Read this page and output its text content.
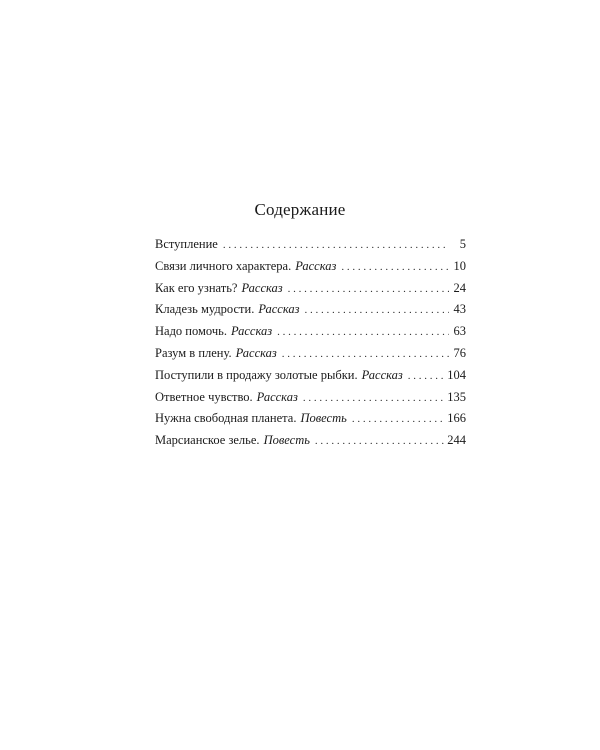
Содержание
Вступление . . .	5
Связи личного характера. Рассказ . . .	10
Как его узнать? Рассказ . . .	24
Кладезь мудрости. Рассказ . . .	43
Надо помочь. Рассказ . . .	63
Разум в плену. Рассказ . . .	76
Поступили в продажу золотые рыбки. Рассказ . . .	104
Ответное чувство. Рассказ . . .	135
Нужна свободная планета. Повесть . . .	166
Марсианское зелье. Повесть . . .	244
